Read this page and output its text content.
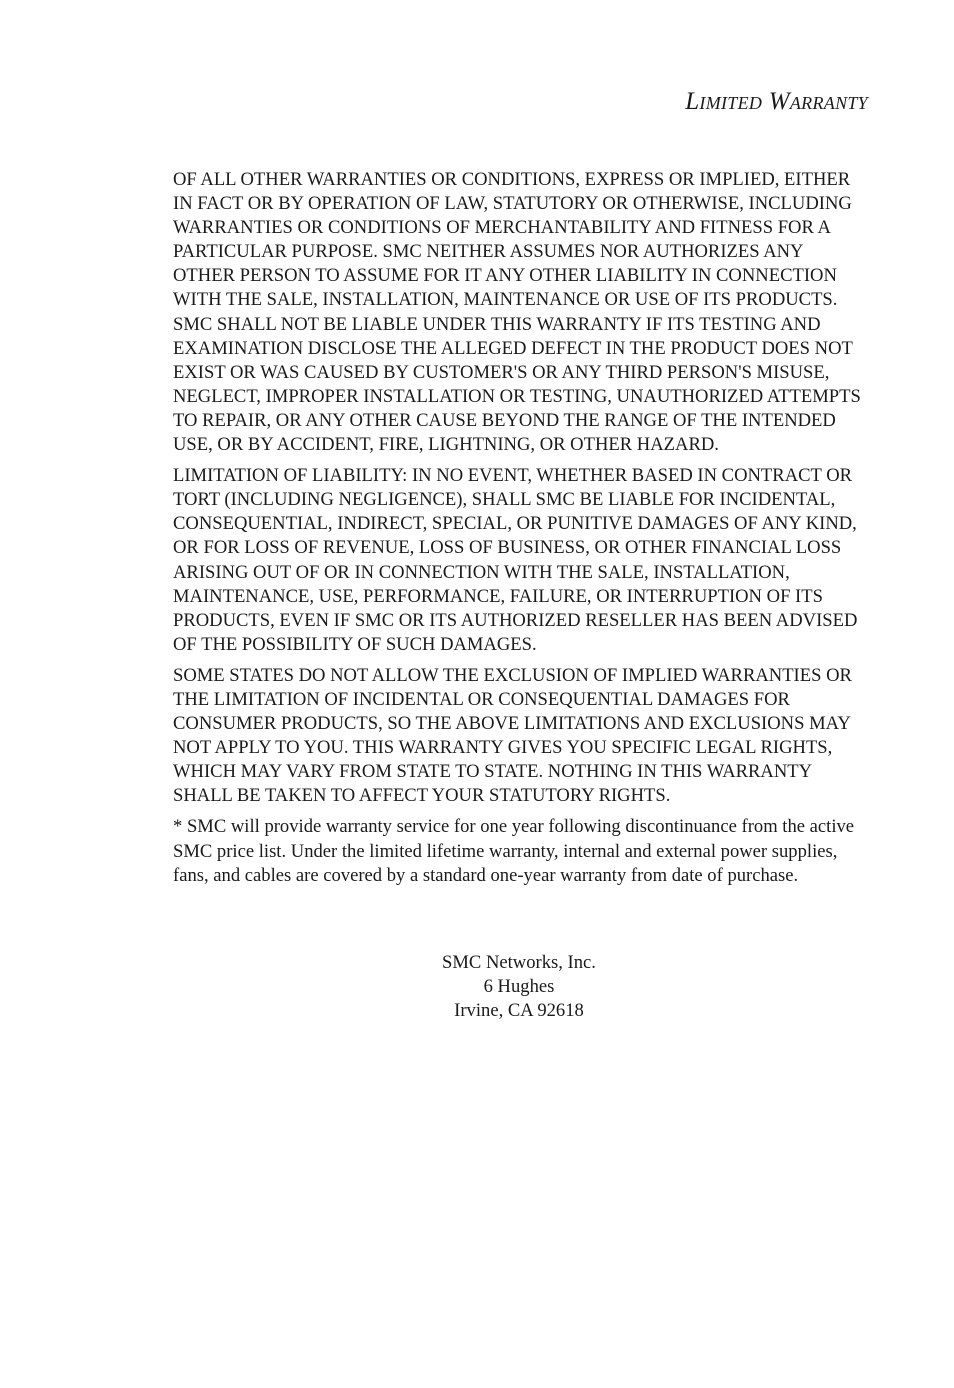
Limited Warranty

OF ALL OTHER WARRANTIES OR CONDITIONS, EXPRESS OR IMPLIED, EITHER IN FACT OR BY OPERATION OF LAW, STATUTORY OR OTHERWISE, INCLUDING WARRANTIES OR CONDITIONS OF MERCHANTABILITY AND FITNESS FOR A PARTICULAR PURPOSE. SMC NEITHER ASSUMES NOR AUTHORIZES ANY OTHER PERSON TO ASSUME FOR IT ANY OTHER LIABILITY IN CONNECTION WITH THE SALE, INSTALLATION, MAINTENANCE OR USE OF ITS PRODUCTS. SMC SHALL NOT BE LIABLE UNDER THIS WARRANTY IF ITS TESTING AND EXAMINATION DISCLOSE THE ALLEGED DEFECT IN THE PRODUCT DOES NOT EXIST OR WAS CAUSED BY CUSTOMER'S OR ANY THIRD PERSON'S MISUSE, NEGLECT, IMPROPER INSTALLATION OR TESTING, UNAUTHORIZED ATTEMPTS TO REPAIR, OR ANY OTHER CAUSE BEYOND THE RANGE OF THE INTENDED USE, OR BY ACCIDENT, FIRE, LIGHTNING, OR OTHER HAZARD.

LIMITATION OF LIABILITY: IN NO EVENT, WHETHER BASED IN CONTRACT OR TORT (INCLUDING NEGLIGENCE), SHALL SMC BE LIABLE FOR INCIDENTAL, CONSEQUENTIAL, INDIRECT, SPECIAL, OR PUNITIVE DAMAGES OF ANY KIND, OR FOR LOSS OF REVENUE, LOSS OF BUSINESS, OR OTHER FINANCIAL LOSS ARISING OUT OF OR IN CONNECTION WITH THE SALE, INSTALLATION, MAINTENANCE, USE, PERFORMANCE, FAILURE, OR INTERRUPTION OF ITS PRODUCTS, EVEN IF SMC OR ITS AUTHORIZED RESELLER HAS BEEN ADVISED OF THE POSSIBILITY OF SUCH DAMAGES.

SOME STATES DO NOT ALLOW THE EXCLUSION OF IMPLIED WARRANTIES OR THE LIMITATION OF INCIDENTAL OR CONSEQUENTIAL DAMAGES FOR CONSUMER PRODUCTS, SO THE ABOVE LIMITATIONS AND EXCLUSIONS MAY NOT APPLY TO YOU. THIS WARRANTY GIVES YOU SPECIFIC LEGAL RIGHTS, WHICH MAY VARY FROM STATE TO STATE. NOTHING IN THIS WARRANTY SHALL BE TAKEN TO AFFECT YOUR STATUTORY RIGHTS.

* SMC will provide warranty service for one year following discontinuance from the active SMC price list. Under the limited lifetime warranty, internal and external power supplies, fans, and cables are covered by a standard one-year warranty from date of purchase.

SMC Networks, Inc.
6 Hughes
Irvine, CA 92618
